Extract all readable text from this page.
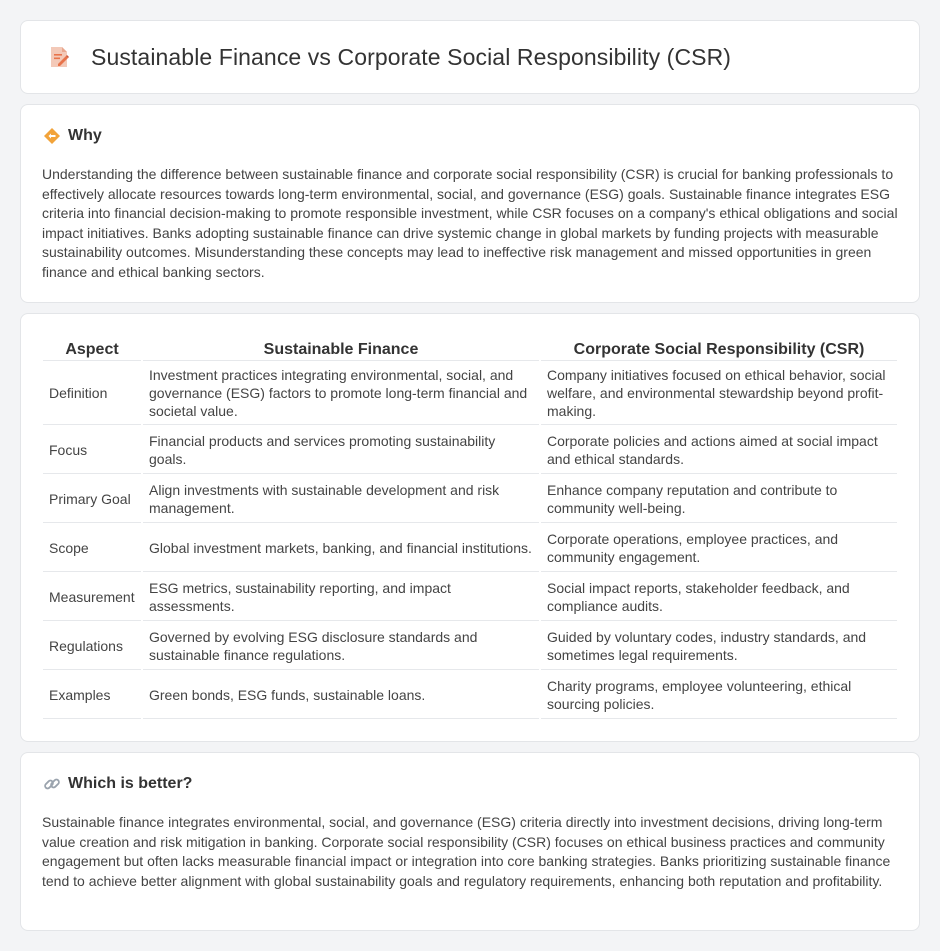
Sustainable Finance vs Corporate Social Responsibility (CSR)
Why

Understanding the difference between sustainable finance and corporate social responsibility (CSR) is crucial for banking professionals to effectively allocate resources towards long-term environmental, social, and governance (ESG) goals. Sustainable finance integrates ESG criteria into financial decision-making to promote responsible investment, while CSR focuses on a company's ethical obligations and social impact initiatives. Banks adopting sustainable finance can drive systemic change in global markets by funding projects with measurable sustainability outcomes. Misunderstanding these concepts may lead to ineffective risk management and missed opportunities in green finance and ethical banking sectors.

Aspect	Sustainable Finance	Corporate Social Responsibility (CSR)
Definition	Investment practices integrating environmental, social, and governance (ESG) factors to promote long-term financial and societal value.	Company initiatives focused on ethical behavior, social welfare, and environmental stewardship beyond profit-making.
Focus	Financial products and services promoting sustainability goals.	Corporate policies and actions aimed at social impact and ethical standards.
Primary Goal	Align investments with sustainable development and risk management.	Enhance company reputation and contribute to community well-being.
Scope	Global investment markets, banking, and financial institutions.	Corporate operations, employee practices, and community engagement.
Measurement	ESG metrics, sustainability reporting, and impact assessments.	Social impact reports, stakeholder feedback, and compliance audits.
Regulations	Governed by evolving ESG disclosure standards and sustainable finance regulations.	Guided by voluntary codes, industry standards, and sometimes legal requirements.
Examples	Green bonds, ESG funds, sustainable loans.	Charity programs, employee volunteering, ethical sourcing policies.
Which is better?

Sustainable finance integrates environmental, social, and governance (ESG) criteria directly into investment decisions, driving long-term value creation and risk mitigation in banking. Corporate social responsibility (CSR) focuses on ethical business practices and community engagement but often lacks measurable financial impact or integration into core banking strategies. Banks prioritizing sustainable finance tend to achieve better alignment with global sustainability goals and regulatory requirements, enhancing both reputation and profitability.
